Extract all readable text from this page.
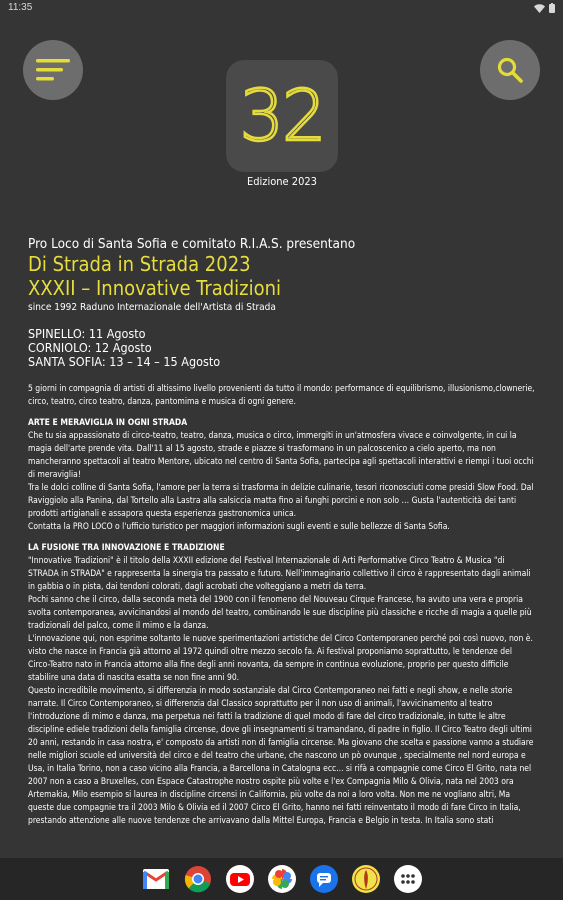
11:35
32
Edizione 2023

Pro Loco di Santa Sofia e comitato R.I.A.S. presentano

Di Strada in Strada 2023

XXXII – Innovative Tradizioni

since 1992 Raduno Internazionale dell'Artista di Strada

SPINELLO: 11 Agosto

CORNIOLO: 12 Agosto

SANTA SOFIA: 13 – 14 – 15 Agosto

5 giorni in compagnia di artisti di altissimo livello provenienti da tutto il mondo: performance di equilibrismo, illusionismo,clownerie, circo, teatro, circo teatro, danza, pantomima e musica di ogni genere.

ARTE E MERAVIGLIA IN OGNI STRADA

Che tu sia appassionato di circo-teatro, teatro, danza, musica o circo, immergiti in un'atmosfera vivace e coinvolgente, in cui la magia dell'arte prende vita. Dall'11 al 15 agosto, strade e piazze si trasformano in un palcoscenico a cielo aperto, ma non mancheranno spettacoli al teatro Mentore, ubicato nel centro di Santa Sofia, partecipa agli spettacoli interattivi e riempi i tuoi occhi di meraviglia!

Tra le dolci colline di Santa Sofia, l'amore per la terra si trasforma in delizie culinarie, tesori riconosciuti come presidi Slow Food. Dal Raviggiolo alla Panina, dal Tortello alla Lastra alla salsiccia matta fino ai funghi porcini e non solo … Gusta l'autenticità dei tanti prodotti artigianali e assapora questa esperienza gastronomica unica.

Contatta la PRO LOCO o l'ufficio turistico per maggiori informazioni sugli eventi e sulle bellezze di Santa Sofia.

LA FUSIONE TRA INNOVAZIONE E TRADIZIONE

"Innovative Tradizioni" è il titolo della XXXII edizione del Festival Internazionale di Arti Performative Circo Teatro & Musica "di STRADA in STRADA" e rappresenta la sinergia tra passato e futuro. Nell'immaginario collettivo il circo è rappresentato dagli animali in gabbia o in pista, dai tendoni colorati, dagli acrobati che volteggiano a metri da terra.

Pochi sanno che il circo, dalla seconda metà del 1900 con il fenomeno del Nouveau Cirque Francese, ha avuto una vera e propria svolta contemporanea, avvicinandosi al mondo del teatro, combinando le sue discipline più classiche e ricche di magia a quelle più tradizionali del palco, come il mimo e la danza.

L'innovazione qui, non esprime soltanto le nuove sperimentazioni artistiche del Circo Contemporaneo perché poi così nuovo, non è. visto che nasce in Francia già attorno al 1972 quindi oltre mezzo secolo fa. Ai festival proponiamo soprattutto, le tendenze del Circo-Teatro nato in Francia attorno alla fine degli anni novanta, da sempre in continua evoluzione, proprio per questo difficile stabilire una data di nascita esatta se non fine anni 90.

Questo incredibile movimento, si differenzia in modo sostanziale dal Circo Contemporaneo nei fatti e negli show, e nelle storie narrate. Il Circo Contemporaneo, si differenzia dal Classico soprattutto per il non uso di animali, l'avvicinamento al teatro l'introduzione di mimo e danza, ma perpetua nei fatti la tradizione di quel modo di fare del circo tradizionale, in tutte le altre discipline ediele tradizioni della famiglia circense, dove gli insegnamenti si tramandano, di padre in figlio. Il Circo Teatro degli ultimi 20 anni, restando in casa nostra, e' composto da artisti non di famiglia circense. Ma giovano che scelta e passione vanno a studiare nelle migliori scuole ed università del circo e del teatro che urbane, che nascono un pò ovunque , specialmente nel nord europa e Usa, in Italia Torino, non a caso vicino alla Francia, a Barcellona in Catalogna ecc... si rifà a compagnie come Circo El Grito, nata nel 2007 non a caso a Bruxelles, con Espace Catastrophe nostro ospite più volte e l'ex Compagnia Milo & Olivia, nata nel 2003 ora Artemakia, Milo esempio si laurea in discipline circensi in California, più volte da noi a loro volta. Non me ne vogliano altri, Ma queste due compagnie tra il 2003 Milo & Olivia ed il 2007 Circo El Grito, hanno nei fatti reinventato il modo di fare Circo in Italia, prestando attenzione alle nuove tendenze che arrivavano dalla Mittel Europa, Francia e Belgio in testa. In Italia sono stati
